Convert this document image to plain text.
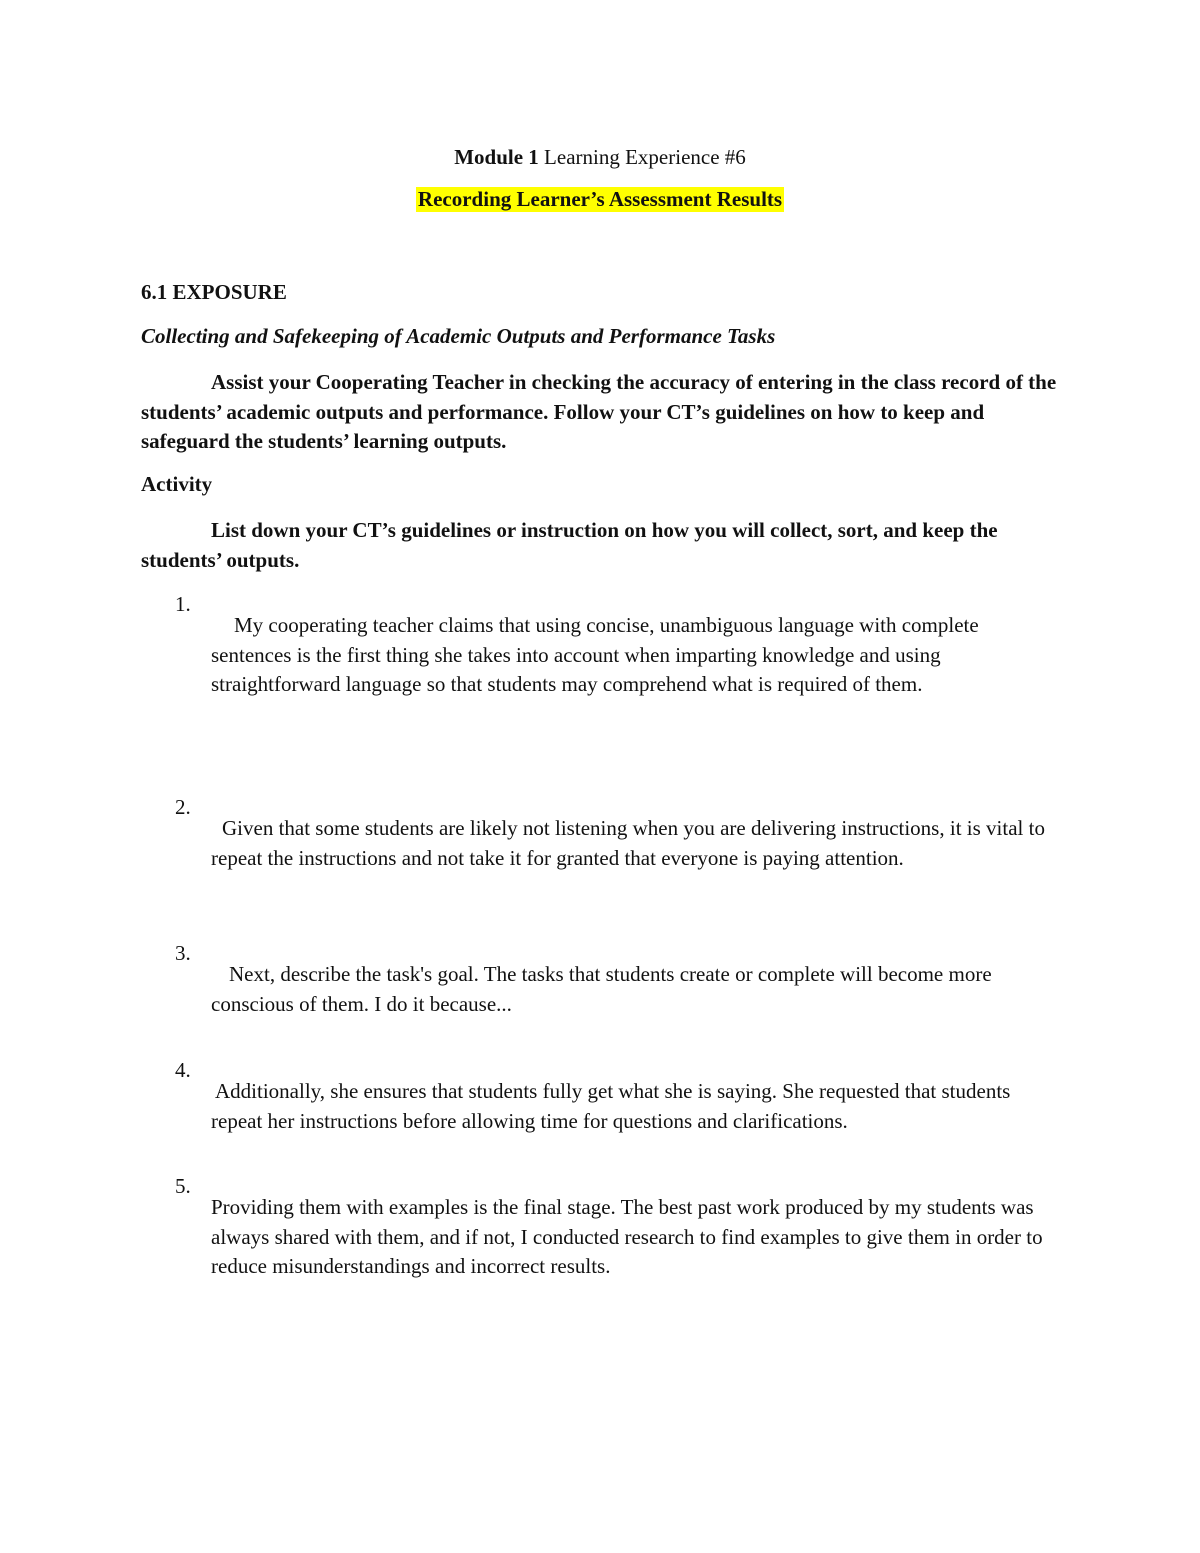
Module 1 Learning Experience #6

Recording Learner’s Assessment Results

6.1 EXPOSURE

Collecting and Safekeeping of Academic Outputs and Performance Tasks

Assist your Cooperating Teacher in checking the accuracy of entering in the class record of the students’ academic outputs and performance. Follow your CT’s guidelines on how to keep and safeguard the students’ learning outputs.

Activity

List down your CT’s guidelines or instruction on how you will collect, sort, and keep the students’ outputs.

1.

My cooperating teacher claims that using concise, unambiguous language with complete sentences is the first thing she takes into account when imparting knowledge and using straightforward language so that students may comprehend what is required of them.

2.

Given that some students are likely not listening when you are delivering instructions, it is vital to repeat the instructions and not take it for granted that everyone is paying attention.

3.

Next, describe the task's goal. The tasks that students create or complete will become more conscious of them. I do it because...

4.

Additionally, she ensures that students fully get what she is saying. She requested that students repeat her instructions before allowing time for questions and clarifications.

5.

Providing them with examples is the final stage. The best past work produced by my students was always shared with them, and if not, I conducted research to find examples to give them in order to reduce misunderstandings and incorrect results.
